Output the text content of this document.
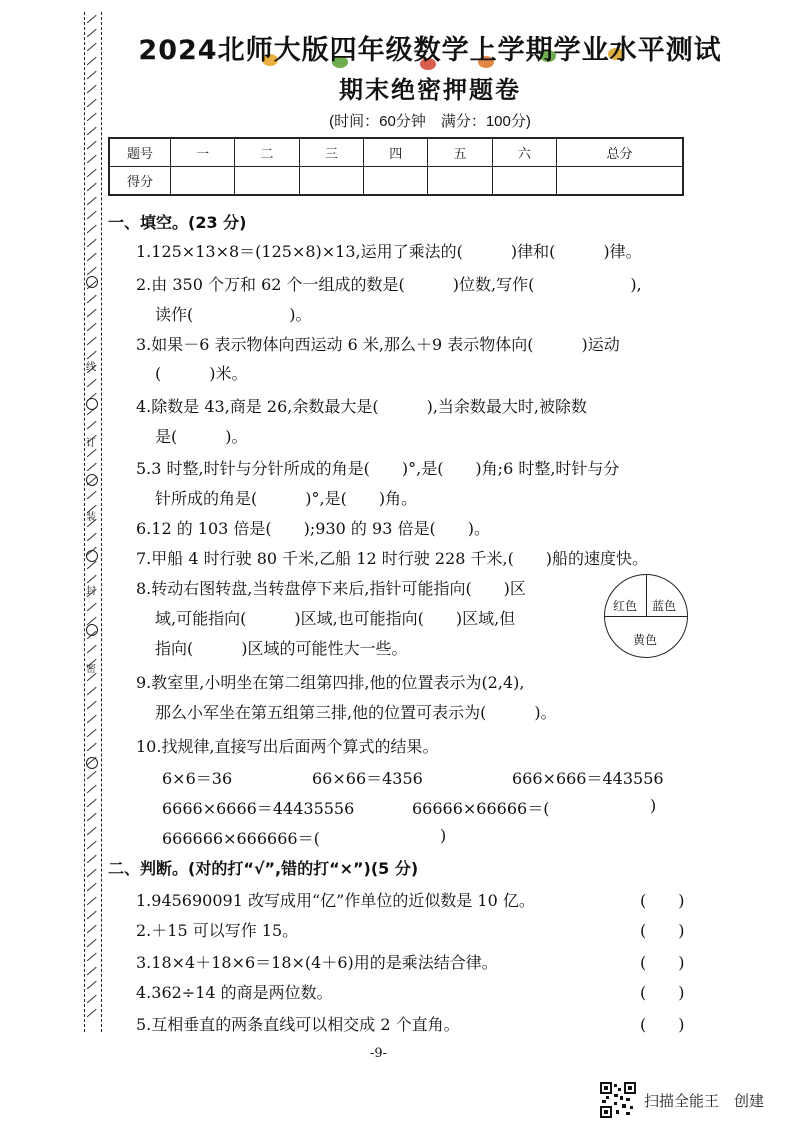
线
订
装
封
密
2024北师大版四年级数学上学期学业水平测试
期末绝密押题卷
(时间：60分钟　满分：100分)
题号	一	二	三	四	五	六	总分
得分							
一、填空。(23 分)
1.125×13×8＝(125×8)×13,运用了乘法的(　　　)律和(　　　)律。
2.由 350 个万和 62 个一组成的数是(　　　)位数,写作(　　　　　　),
读作(　　　　　　)。
3.如果－6 表示物体向西运动 6 米,那么＋9 表示物体向(　　　)运动
(　　　)米。
4.除数是 43,商是 26,余数最大是(　　　),当余数最大时,被除数
是(　　　)。
5.3 时整,时针与分针所成的角是(　　)°,是(　　)角;6 时整,时针与分
针所成的角是(　　　)°,是(　　)角。
6.12 的 103 倍是(　　);930 的 93 倍是(　　)。
7.甲船 4 时行驶 80 千米,乙船 12 时行驶 228 千米,(　　)船的速度快。
8.转动右图转盘,当转盘停下来后,指针可能指向(　　)区
域,可能指向(　　　)区域,也可能指向(　　)区域,但
指向(　　　)区域的可能性大一些。
9.教室里,小明坐在第二组第四排,他的位置表示为(2,4),
那么小军坐在第五组第三排,他的位置可表示为(　　　)。
10.找规律,直接写出后面两个算式的结果。
红色 蓝色
黄色
6×6＝36	66×66＝4356	666×666＝443556
6666×6666＝44435556	66666×66666＝(	)
666666×666666＝(	)
二、判断。(对的打“√”,错的打“×”)(5 分)
1.945690091 改写成用“亿”作单位的近似数是 10 亿。
2.＋15 可以写作 15。
3.18×4＋18×6＝18×(4＋6)用的是乘法结合律。
4.362÷14 的商是两位数。
5.互相垂直的两条直线可以相交成 2 个直角。
(　　)
(　　)
(　　)
(　　)
(　　)
-9-
扫描全能王　创建
